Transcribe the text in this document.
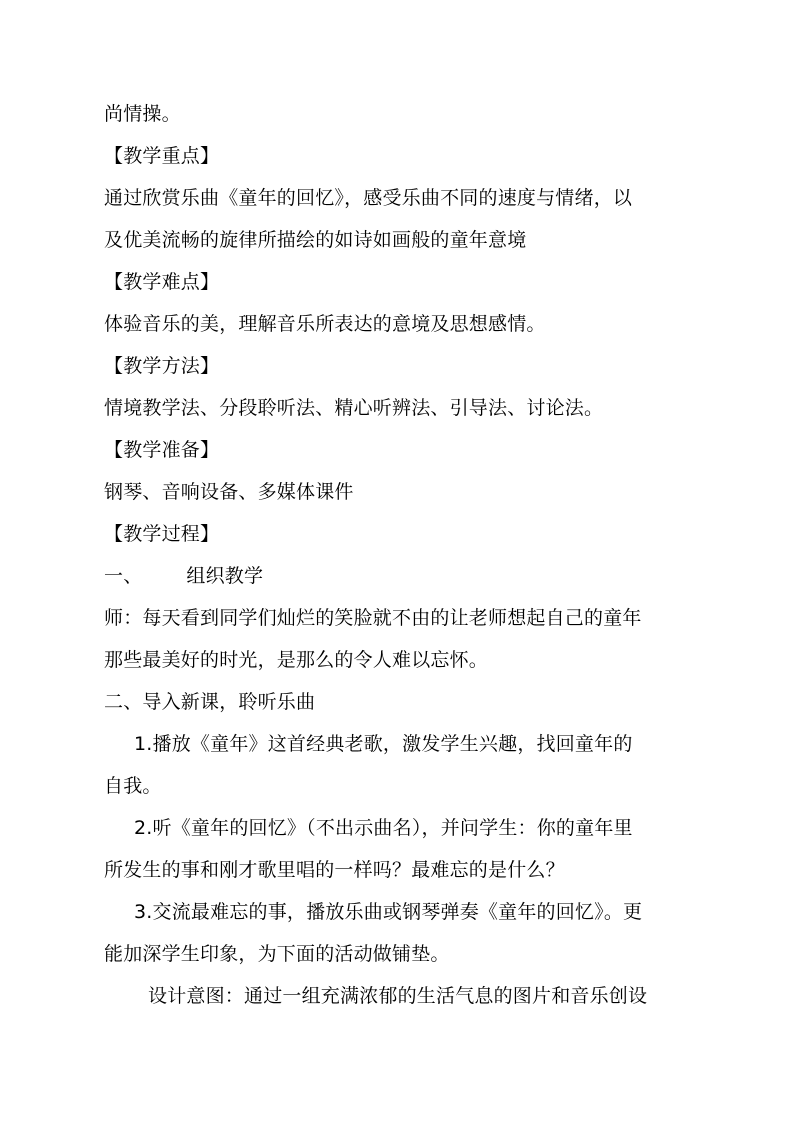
尚情操。
【教学重点】
通过欣赏乐曲《童年的回忆》，感受乐曲不同的速度与情绪，以
及优美流畅的旋律所描绘的如诗如画般的童年意境
【教学难点】
体验音乐的美，理解音乐所表达的意境及思想感情。
【教学方法】
情境教学法、分段聆听法、精心听辨法、引导法、讨论法。
【教学准备】
钢琴、音响设备、多媒体课件
【教学过程】
一、 组织教学
师：每天看到同学们灿烂的笑脸就不由的让老师想起自己的童年
那些最美好的时光，是那么的令人难以忘怀。
二、导入新课，聆听乐曲
1.播放《童年》这首经典老歌，激发学生兴趣，找回童年的
自我。
2.听《童年的回忆》（不出示曲名），并问学生：你的童年里
所发生的事和刚才歌里唱的一样吗？最难忘的是什么？
3.交流最难忘的事，播放乐曲或钢琴弹奏《童年的回忆》。更
能加深学生印象，为下面的活动做铺垫。
设计意图：通过一组充满浓郁的生活气息的图片和音乐创设
